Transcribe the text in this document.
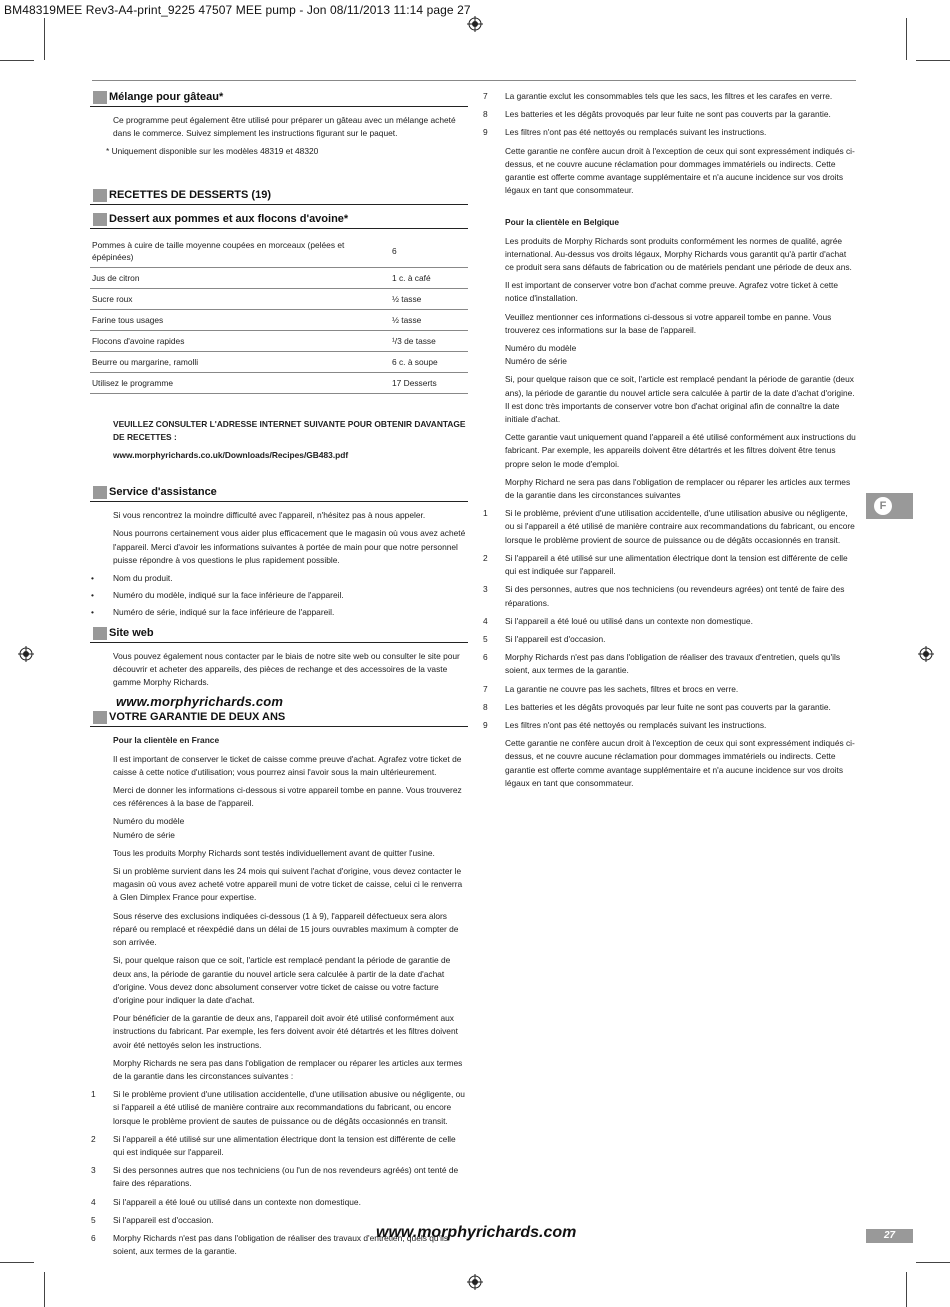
BM48319MEE Rev3-A4-print_9225 47507 MEE pump - Jon 08/11/2013 11:14 page 27
Mélange pour gâteau*
Ce programme peut également être utilisé pour préparer un gâteau avec un mélange acheté dans le commerce. Suivez simplement les instructions figurant sur le paquet.
* Uniquement disponible sur les modèles 48319 et 48320
RECETTES DE DESSERTS (19)
Dessert aux pommes et aux flocons d'avoine*
Pommes à cuire de taille moyenne coupées en morceaux (pelées et épépinées)	6
Jus de citron	1 c. à café
Sucre roux	½ tasse
Farine tous usages	½ tasse
Flocons d'avoine rapides	¹/3 de tasse
Beurre ou margarine, ramolli	6 c. à soupe
Utilisez le programme	17 Desserts
VEUILLEZ CONSULTER L'ADRESSE INTERNET SUIVANTE POUR OBTENIR DAVANTAGE DE RECETTES :
www.morphyrichards.co.uk/Downloads/Recipes/GB483.pdf
Service d'assistance
Si vous rencontrez la moindre difficulté avec l'appareil, n'hésitez pas à nous appeler.
Nous pourrons certainement vous aider plus efficacement que le magasin où vous avez acheté l'appareil. Merci d'avoir les informations suivantes à portée de main pour que notre personnel puisse répondre à vos questions le plus rapidement possible.
• Nom du produit.
• Numéro du modèle, indiqué sur la face inférieure de l'appareil.
• Numéro de série, indiqué sur la face inférieure de l'appareil.
Site web
Vous pouvez également nous contacter par le biais de notre site web ou consulter le site pour découvrir et acheter des appareils, des pièces de rechange et des accessoires de la vaste gamme Morphy Richards.
www.morphyrichards.com
VOTRE GARANTIE DE DEUX ANS
Pour la clientèle en France
Il est important de conserver le ticket de caisse comme preuve d'achat. Agrafez votre ticket de caisse à cette notice d'utilisation; vous pourrez ainsi l'avoir sous la main ultérieurement.
Merci de donner les informations ci-dessous si votre appareil tombe en panne. Vous trouverez ces références à la base de l'appareil.
Numéro du modèle
Numéro de série
Tous les produits Morphy Richards sont testés individuellement avant de quitter l'usine.
Si un problème survient dans les 24 mois qui suivent l'achat d'origine, vous devez contacter le magasin où vous avez acheté votre appareil muni de votre ticket de caisse, celui ci le renverra à Glen Dimplex France pour expertise.
Sous réserve des exclusions indiquées ci-dessous (1 à 9), l'appareil défectueux sera alors réparé ou remplacé et réexpédié dans un délai de 15 jours ouvrables maximum à compter de son arrivée.
Si, pour quelque raison que ce soit, l'article est remplacé pendant la période de garantie de deux ans, la période de garantie du nouvel article sera calculée à partir de la date d'achat d'origine. Vous devez donc absolument conserver votre ticket de caisse ou votre facture d'origine pour indiquer la date d'achat.
Pour bénéficier de la garantie de deux ans, l'appareil doit avoir été utilisé conformément aux instructions du fabricant. Par exemple, les fers doivent avoir été détartrés et les filtres doivent avoir été nettoyés selon les instructions.
Morphy Richards ne sera pas dans l'obligation de remplacer ou réparer les articles aux termes de la garantie dans les circonstances suivantes :
1 Si le problème provient d'une utilisation accidentelle, d'une utilisation abusive ou négligente, ou si l'appareil a été utilisé de manière contraire aux recommandations du fabricant, ou encore lorsque le problème provient de sautes de puissance ou de dégâts occasionnés en transit.
2 Si l'appareil a été utilisé sur une alimentation électrique dont la tension est différente de celle qui est indiquée sur l'appareil.
3 Si des personnes autres que nos techniciens (ou l'un de nos revendeurs agréés) ont tenté de faire des réparations.
4 Si l'appareil a été loué ou utilisé dans un contexte non domestique.
5 Si l'appareil est d'occasion.
6 Morphy Richards n'est pas dans l'obligation de réaliser des travaux d'entretien, quels qu'ils soient, aux termes de la garantie.
7 La garantie exclut les consommables tels que les sacs, les filtres et les carafes en verre.
8 Les batteries et les dégâts provoqués par leur fuite ne sont pas couverts par la garantie.
9 Les filtres n'ont pas été nettoyés ou remplacés suivant les instructions.
Cette garantie ne confère aucun droit à l'exception de ceux qui sont expressément indiqués ci-dessus, et ne couvre aucune réclamation pour dommages immatériels ou indirects. Cette garantie est offerte comme avantage supplémentaire et n'a aucune incidence sur vos droits légaux en tant que consommateur.
Pour la clientèle en Belgique
Les produits de Morphy Richards sont produits conformément les normes de qualité, agrée international. Au-dessus vos droits légaux, Morphy Richards vous garantit qu'à partir d'achat ce produit sera sans défauts de fabrication ou de matériels pendant une période de deux ans.
Il est important de conserver votre bon d'achat comme preuve. Agrafez votre ticket à cette notice d'installation.
Veuillez mentionner ces informations ci-dessous si votre appareil tombe en panne. Vous trouverez ces informations sur la base de l'appareil.
Numéro du modèle
Numéro de série
Si, pour quelque raison que ce soit, l'article est remplacé pendant la période de garantie (deux ans), la période de garantie du nouvel article sera calculée à partir de la date d'achat d'origine. Il est donc très importants de conserver votre bon d'achat original afin de connaître la date initiale d'achat.
Cette garantie vaut uniquement quand l'appareil a été utilisé conformément aux instructions du fabricant. Par exemple, les appareils doivent être détartrés et les filtres doivent être tenus propre selon le mode d'emploi.
Morphy Richard ne sera pas dans l'obligation de remplacer ou réparer les articles aux termes de la garantie dans les circonstances suivantes
1 Si le problème, prévient d'une utilisation accidentelle, d'une utilisation abusive ou négligente, ou si l'appareil a été utilisé de manière contraire aux recommandations du fabricant, ou encore lorsque le problème provient de source de puissance ou de dégâts occasionnés en transit.
2 Si l'appareil a été utilisé sur une alimentation électrique dont la tension est différente de celle qui est indiquée sur l'appareil.
3 Si des personnes, autres que nos techniciens (ou revendeurs agrées) ont tenté de faire des réparations.
4 Si l'appareil a été loué ou utilisé dans un contexte non domestique.
5 Si l'appareil est d'occasion.
6 Morphy Richards n'est pas dans l'obligation de réaliser des travaux d'entretien, quels qu'ils soient, aux termes de la garantie.
7 La garantie ne couvre pas les sachets, filtres et brocs en verre.
8 Les batteries et les dégâts provoqués par leur fuite ne sont pas couverts par la garantie.
9 Les filtres n'ont pas été nettoyés ou remplacés suivant les instructions.
Cette garantie ne confère aucun droit à l'exception de ceux qui sont expressément indiqués ci-dessus, et ne couvre aucune réclamation pour dommages immatériels ou indirects. Cette garantie est offerte comme avantage supplémentaire et n'a aucune incidence sur vos droits légaux en tant que consommateur.
F
www.morphyrichards.com	27
